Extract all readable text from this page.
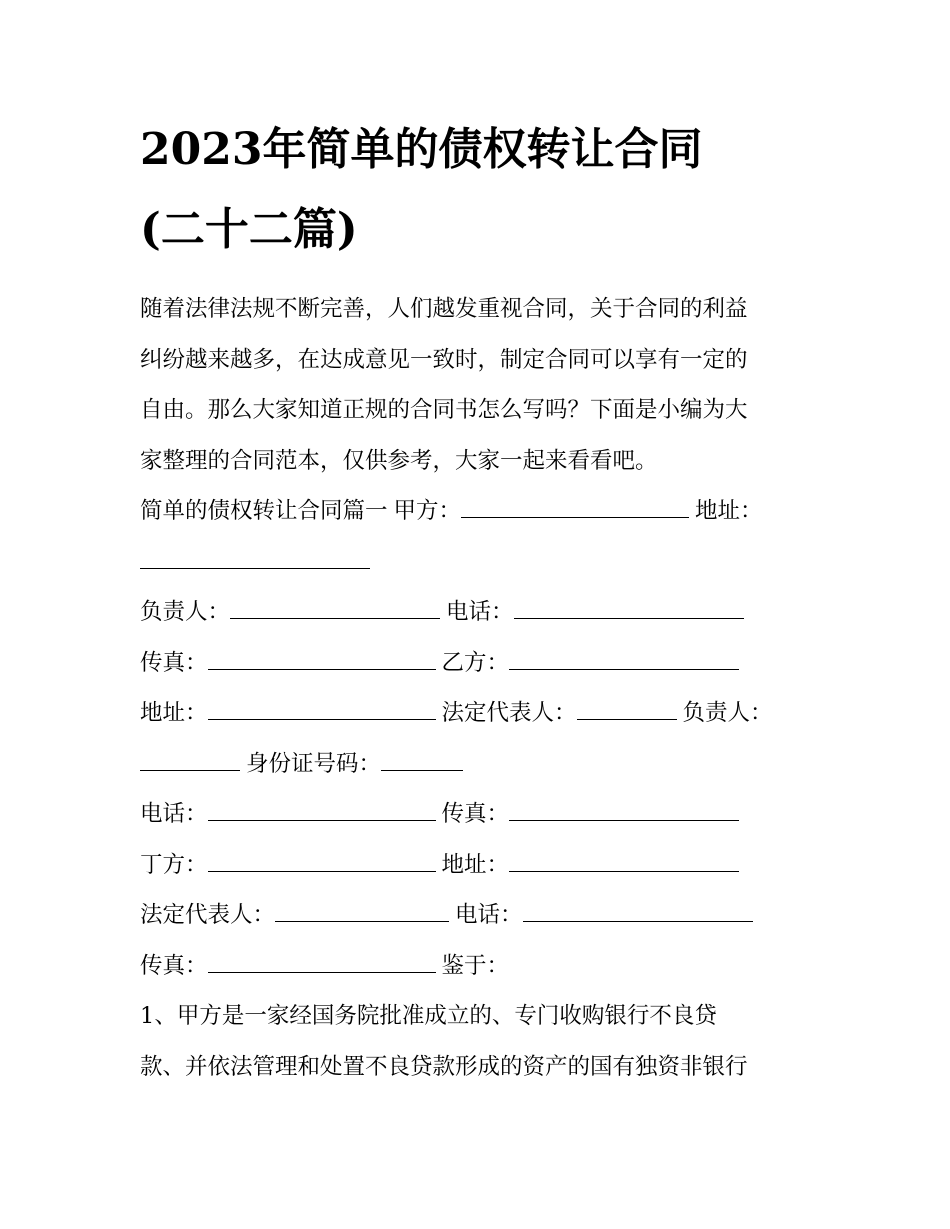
2023年简单的债权转让合同
(二十二篇)
随着法律法规不断完善，人们越发重视合同，关于合同的利益
纠纷越来越多，在达成意见一致时，制定合同可以享有一定的
自由。那么大家知道正规的合同书怎么写吗？下面是小编为大
家整理的合同范本，仅供参考，大家一起来看看吧。
简单的债权转让合同篇一 甲方：	地址：
负责人：	电话：
传真：	乙方：
地址：	法定代表人：	负责人：
身份证号码：
电话：	传真：
丁方：	地址：
法定代表人：	电话：
传真：	鉴于：
1、甲方是一家经国务院批准成立的、专门收购银行不良贷
款、并依法管理和处置不良贷款形成的资产的国有独资非银行
